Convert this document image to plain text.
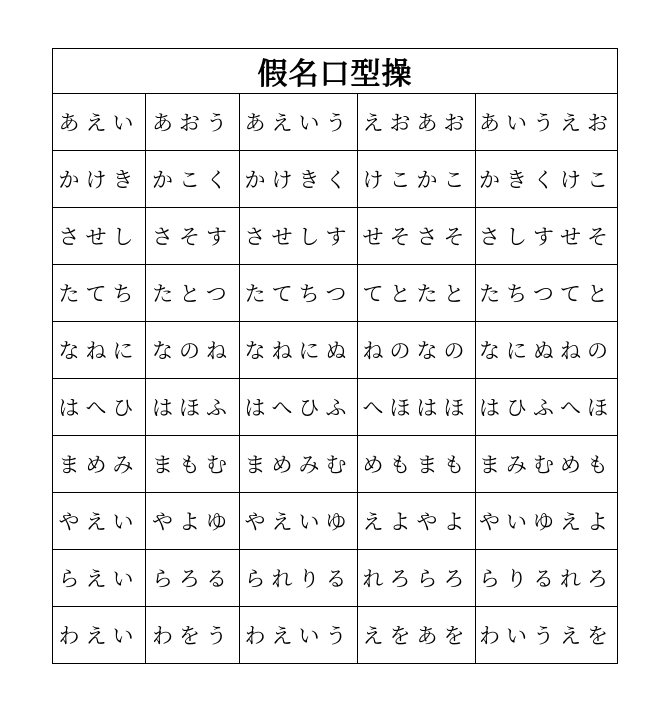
假名口型操				
あえい	あおう	あえいう	えおあお	あいうえお
かけき	かこく	かけきく	けこかこ	かきくけこ
させし	さそす	させしす	せそさそ	さしすせそ
たてち	たとつ	たてちつ	てとたと	たちつてと
なねに	なのね	なねにぬ	ねのなの	なにぬねの
はへひ	はほふ	はへひふ	へほはほ	はひふへほ
まめみ	まもむ	まめみむ	めもまも	まみむめも
やえい	やよゆ	やえいゆ	えよやよ	やいゆえよ
らえい	らろる	られりる	れろらろ	らりるれろ
わえい	わをう	わえいう	えをあを	わいうえを
